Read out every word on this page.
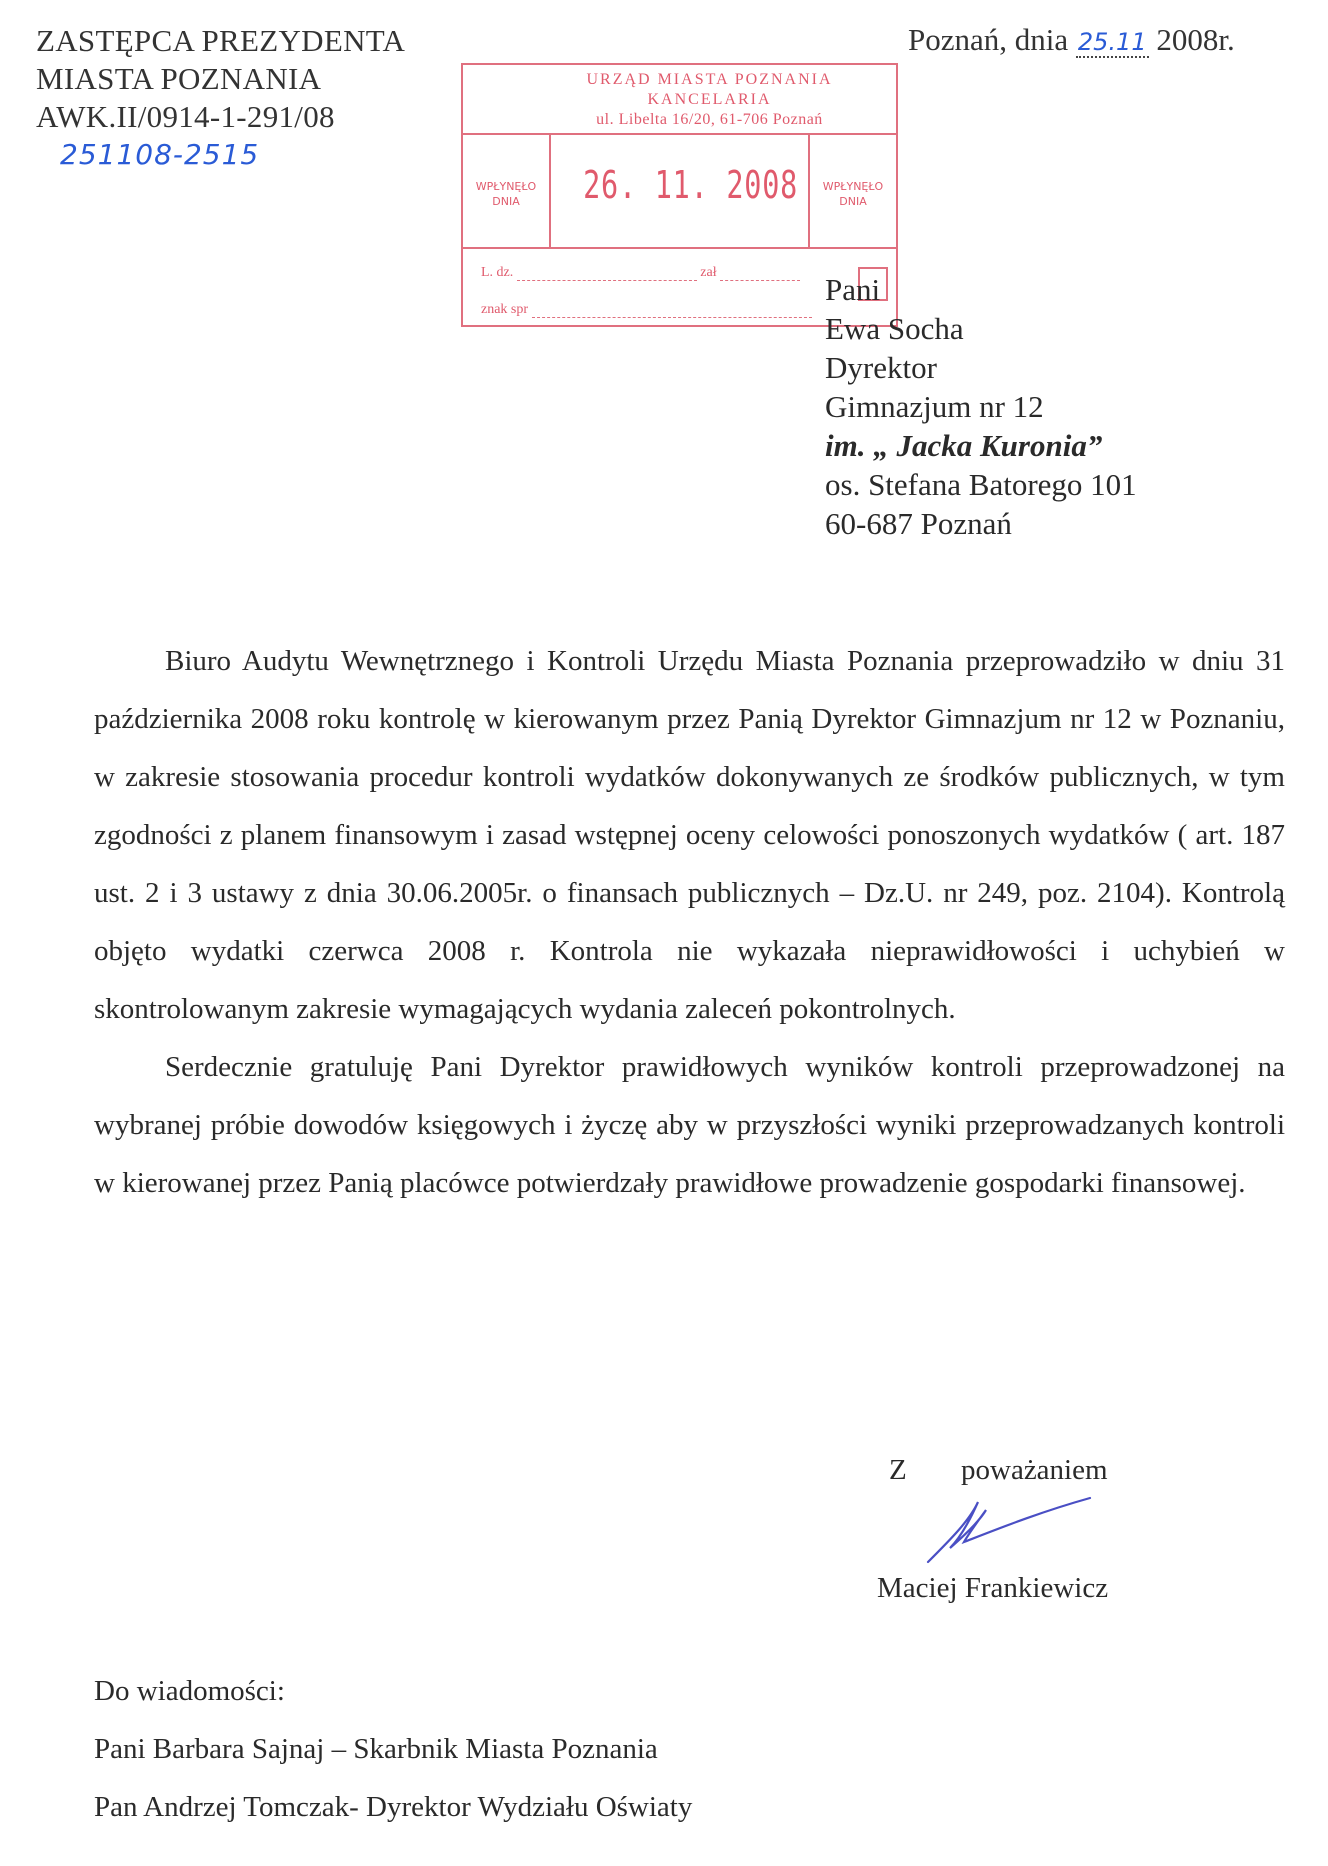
ZASTĘPCA PREZYDENTA
MIASTA POZNANIA
AWK.II/0914-1-291/08
251108-2515
Poznań, dnia 25.11 2008r.
URZĄD MIASTA POZNANIA
KANCELARIA
ul. Libelta 16/20, 61-706 Poznań
WPŁYNĘŁO
DNIA	26. 11. 2008	WPŁYNĘŁO
DNIA
L. dz.	zał
znak spr
Pani
Ewa Socha
Dyrektor
Gimnazjum nr 12
im. „ Jacka Kuronia”
os. Stefana Batorego 101
60-687 Poznań

Biuro Audytu Wewnętrznego i Kontroli Urzędu Miasta Poznania przeprowadziło w dniu 31 października 2008 roku kontrolę w kierowanym przez Panią Dyrektor Gimnazjum nr 12 w Poznaniu, w zakresie stosowania procedur kontroli wydatków dokonywanych ze środków publicznych, w tym zgodności z planem finansowym i zasad wstępnej oceny celowości ponoszonych wydatków ( art. 187 ust. 2 i 3 ustawy z dnia 30.06.2005r. o finansach publicznych – Dz.U. nr 249, poz. 2104). Kontrolą objęto wydatki czerwca 2008 r. Kontrola nie wykazała nieprawidłowości i uchybień w skontrolowanym zakresie wymagających wydania zaleceń pokontrolnych.

Serdecznie gratuluję Pani Dyrektor prawidłowych wyników kontroli przeprowadzonej na wybranej próbie dowodów księgowych i życzę aby w przyszłości wyniki przeprowadzanych kontroli w kierowanej przez Panią placówce potwierdzały prawidłowe prowadzenie gospodarki finansowej.

Z poważaniem
Maciej Frankiewicz
Do wiadomości:
Pani Barbara Sajnaj – Skarbnik Miasta Poznania
Pan Andrzej Tomczak- Dyrektor Wydziału Oświaty
